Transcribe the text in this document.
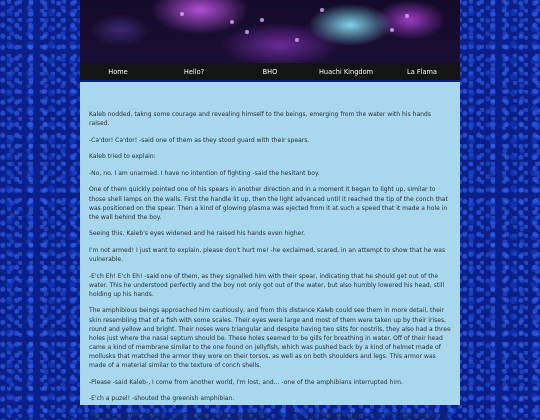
Home	Hello?	BHO	Huachi Kingdom	La Flama

Kaleb nodded, takng some courage and revealing himself to the beings, emerging from the water with his hands raised.

-Ca'dor! Ca'dor! -said one of them as they stood guard with their spears.

Kaleb tried to explain:

-No, no. I am unarmed. I have no intention of fighting -said the hesitant boy.

One of them quickly pointed one of his spears in another direction and in a moment it began to light up, similar to those shell lamps on the walls. First the handle lit up, then the light advanced until it reached the tip of the conch that was positioned on the spear. Then a kind of glowing plasma was ejected from it at such a speed that it made a hole in the wall behind the boy.

Seeing this, Kaleb's eyes widened and he raised his hands even higher.

I'm not armed! I just want to explain, please don't hurt me! -he exclaimed, scared, in an attempt to show that he was vulnerable.

-E'ch Eh! E'ch Eh! -said one of them, as they signalled him with their spear, indicating that he should get out of the water. This he understood perfectly and the boy not only got out of the water, but also humbly lowered his head, still holding up his hands.

The amphibious beings approached him cautiously, and from this distance Kaleb could see them in more detail, their skin resembling that of a fish with some scales. Their eyes were large and most of them were taken up by their irises, round and yellow and bright. Their noses were triangular and despite having two slits for nostrils, they also had a three holes just where the nasal septum should be. These holes seemed to be gills for breathing in water. Off of their head came a kind of membrane similar to the one found on jellyfish, which was pushed back by a kind of helmet made of mollusks that matched the armor they wore on their torsos, as well as on both shoulders and legs. This armor was made of a material similar to the texture of conch shells.

-Please -said Kaleb-, I come from another world, I'm lost, and... -one of the amphibians interrupted him.

-E'ch a puzel! -shouted the greenish amphibian.

Hearing this, the strange backpack they were wearing began to move, revealing that these were really the tentacles of
